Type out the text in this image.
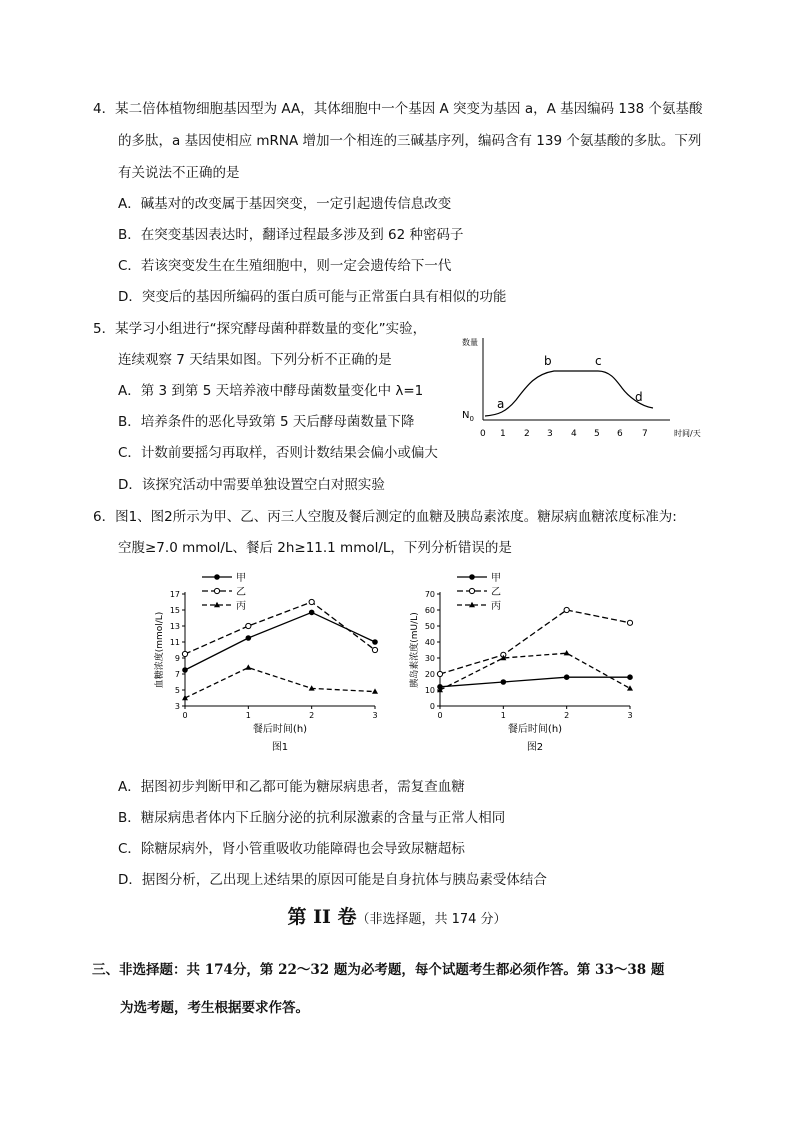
4．某二倍体植物细胞基因型为 AA，其体细胞中一个基因 A 突变为基因 a，A 基因编码 138 个氨基酸
的多肽，a 基因使相应 mRNA 增加一个相连的三碱基序列，编码含有 139 个氨基酸的多肽。下列
有关说法不正确的是
A．碱基对的改变属于基因突变，一定引起遗传信息改变
B．在突变基因表达时，翻译过程最多涉及到 62 种密码子
C．若该突变发生在生殖细胞中，则一定会遗传给下一代
D．突变后的基因所编码的蛋白质可能与正常蛋白具有相似的功能
5．某学习小组进行“探究酵母菌种群数量的变化”实验，
连续观察 7 天结果如图。下列分析不正确的是
A．第 3 到第 5 天培养液中酵母菌数量变化中 λ=1
B．培养条件的恶化导致第 5 天后酵母菌数量下降
C．计数前要摇匀再取样，否则计数结果会偏小或偏大
D．该探究活动中需要单独设置空白对照实验
数量
时间/天
$N_0$
0 1 2 3 4 5 6 7
a
b	c
d
6．图1、图2所示为甲、乙、丙三人空腹及餐后测定的血糖及胰岛素浓度。糖尿病血糖浓度标准为:
空腹≥7.0 mmol/L、餐后 2h≥11.1 mmol/L，下列分析错误的是
3
5
7
9
11
13
15
17
0	1	2	3
餐后时间(h)
图1
血糖浓度(mmol/L)
甲
乙
丙
0
10
20
30
40
50
60
70
0	1	2	3
餐后时间(h)
图2
胰岛素浓度(mU/L)
甲
乙
丙
A．据图初步判断甲和乙都可能为糖尿病患者，需复查血糖
B．糖尿病患者体内下丘脑分泌的抗利尿激素的含量与正常人相同
C．除糖尿病外，肾小管重吸收功能障碍也会导致尿糖超标
D．据图分析，乙出现上述结果的原因可能是自身抗体与胰岛素受体结合
第 II 卷（非选择题，共 174 分）
三、非选择题：共 174分，第 22～32 题为必考题，每个试题考生都必须作答。第 33～38 题
为选考题，考生根据要求作答。
